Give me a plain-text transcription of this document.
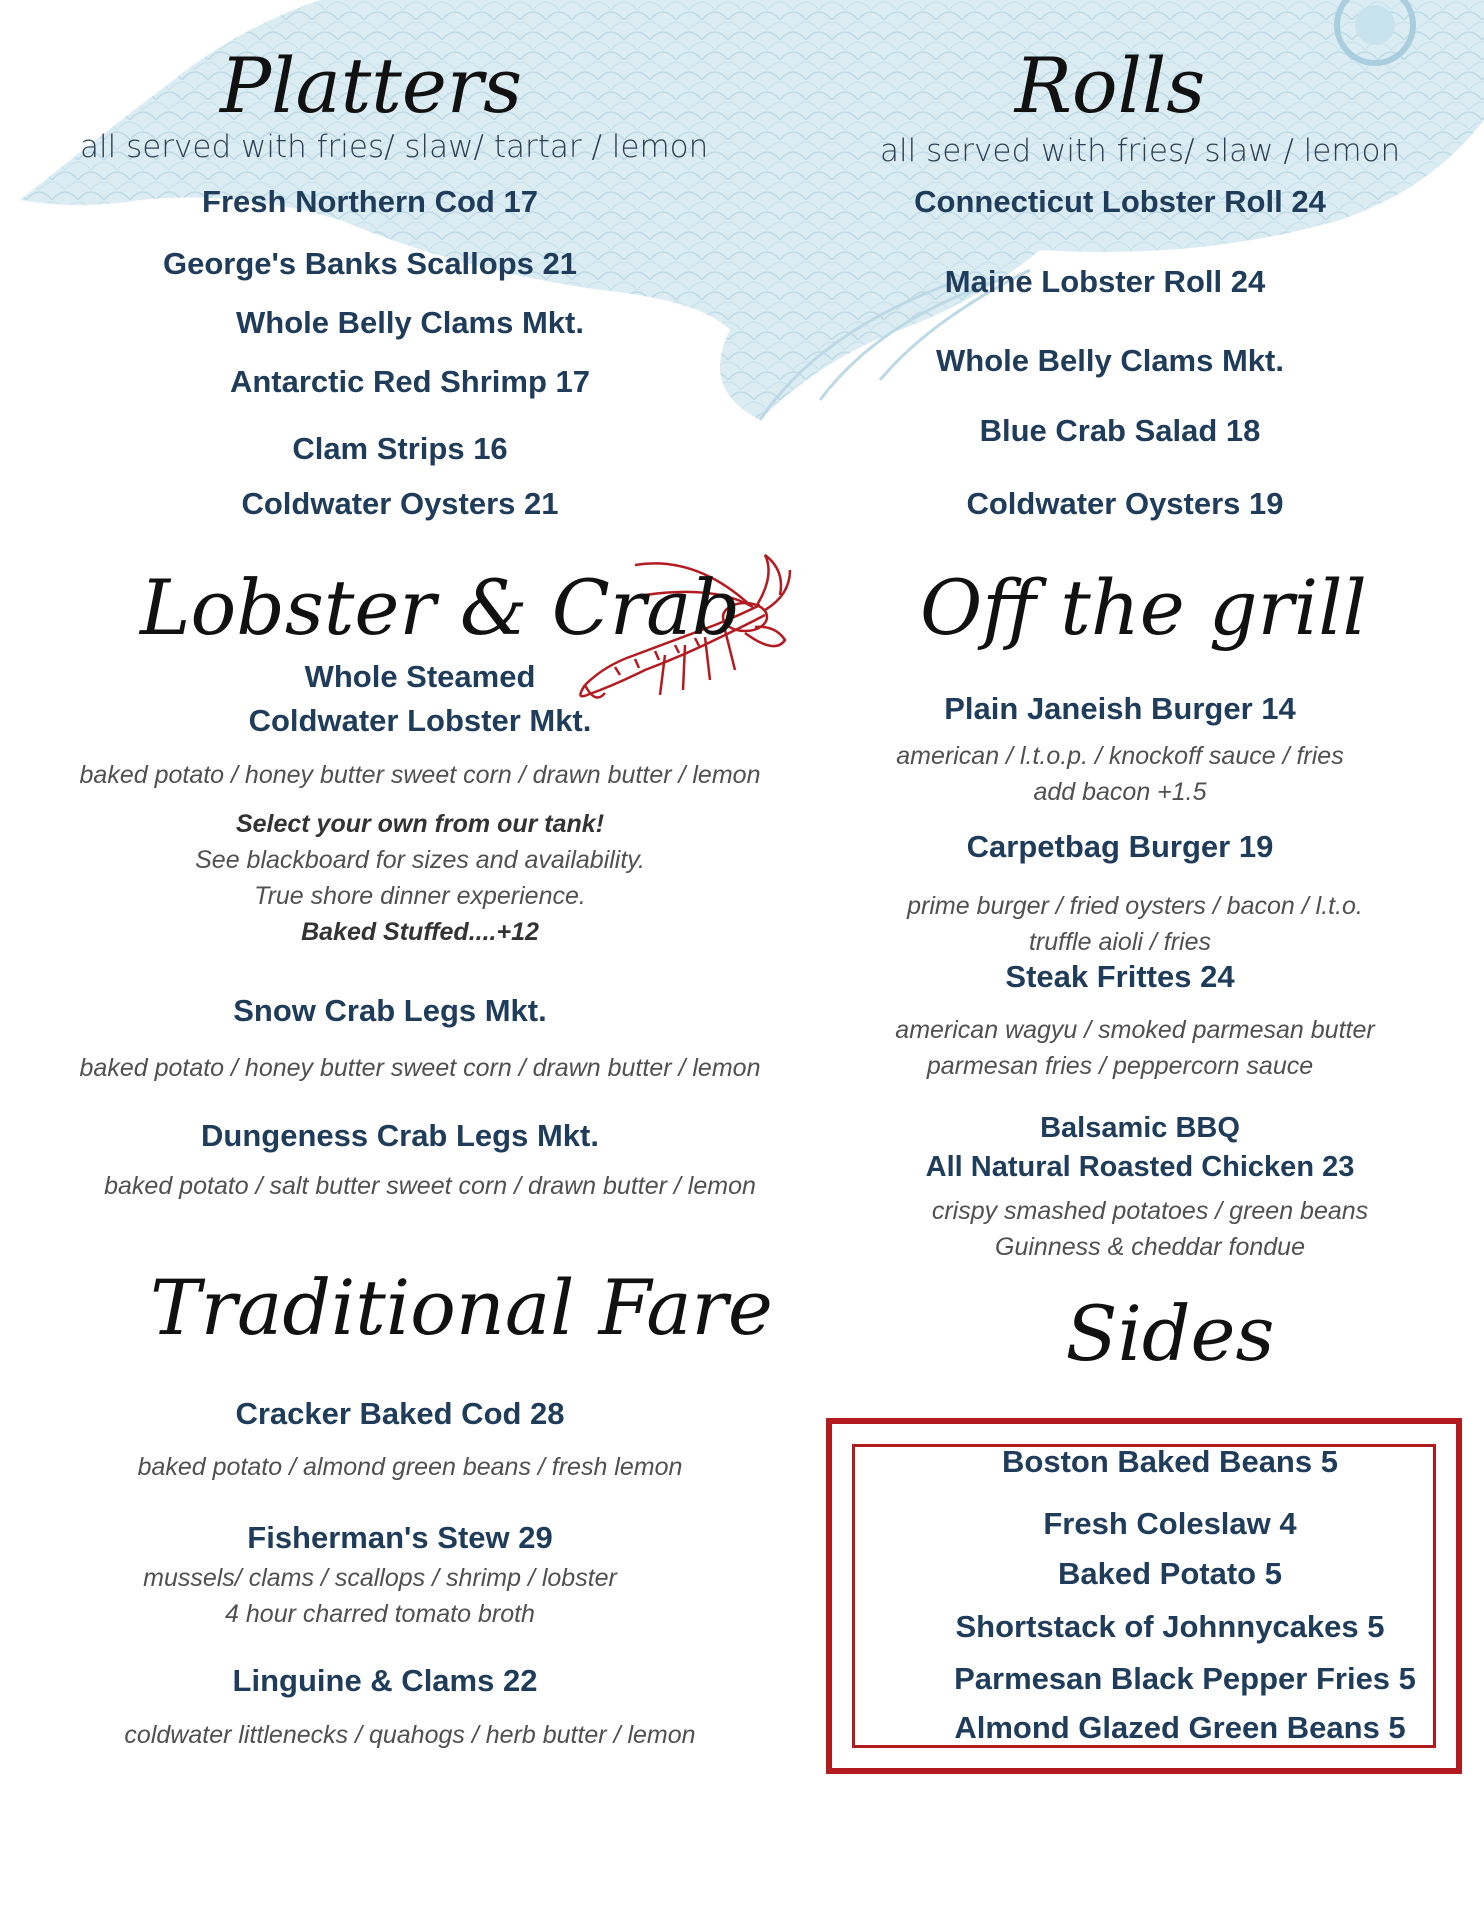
Platters
all served with fries/ slaw/ tartar / lemon
Fresh Northern Cod 17
George's Banks Scallops 21
Whole Belly Clams Mkt.
Antarctic Red Shrimp 17
Clam Strips 16
Coldwater Oysters 21
Rolls
all served with fries/ slaw / lemon
Connecticut Lobster Roll 24
Maine Lobster Roll 24
Whole Belly Clams Mkt.
Blue Crab Salad 18
Coldwater Oysters 19
Lobster & Crab
Whole Steamed
Coldwater Lobster Mkt.
baked potato / honey butter sweet corn / drawn butter / lemon
Select your own from our tank!
See blackboard for sizes and availability.
True shore dinner experience.
Baked Stuffed....+12
Snow Crab Legs Mkt.
baked potato / honey butter sweet corn / drawn butter / lemon
Dungeness Crab Legs Mkt.
baked potato / salt butter sweet corn / drawn butter / lemon
Off the grill
Plain Janeish Burger 14
american / l.t.o.p. / knockoff sauce / fries
add bacon +1.5
Carpetbag Burger 19
prime burger / fried oysters / bacon / l.t.o.
truffle aioli / fries
Steak Frittes 24
american wagyu / smoked parmesan butter
parmesan fries / peppercorn sauce
Balsamic BBQ
All Natural Roasted Chicken 23
crispy smashed potatoes / green beans
Guinness & cheddar fondue
Traditional Fare
Cracker Baked Cod 28
baked potato / almond green beans / fresh lemon
Fisherman's Stew 29
mussels/ clams / scallops / shrimp / lobster
4 hour charred tomato broth
Linguine & Clams 22
coldwater littlenecks / quahogs / herb butter / lemon
Sides
Boston Baked Beans 5
Fresh Coleslaw 4
Baked Potato 5
Shortstack of Johnnycakes 5
Parmesan Black Pepper Fries 5
Almond Glazed Green Beans 5
